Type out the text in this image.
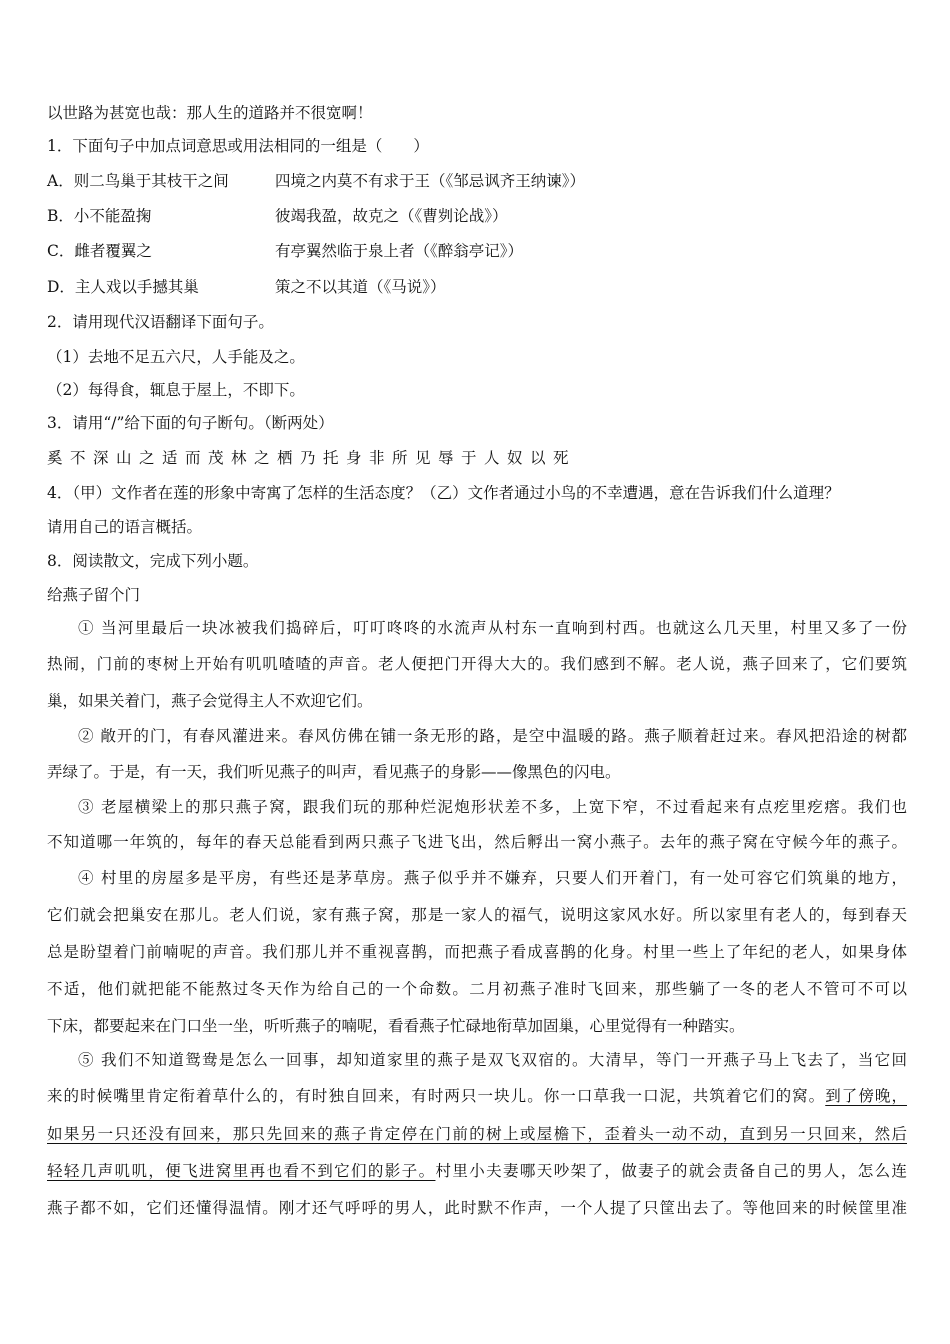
以世路为甚宽也哉：那人生的道路并不很宽啊！
1．下面句子中加点词意思或用法相同的一组是（　　）
A．则二鸟巢于其枝干之间	四境之内莫不有求于王（《邹忌讽齐王纳谏》）
B．小不能盈掬	彼竭我盈，故克之（《曹刿论战》）
C．雌者覆翼之	有亭翼然临于泉上者（《醉翁亭记》）
D．主人戏以手撼其巢	策之不以其道（《马说》）
2．请用现代汉语翻译下面句子。
（1）去地不足五六尺，人手能及之。
（2）每得食，辄息于屋上，不即下。
3．请用“/”给下面的句子断句。（断两处）
奚不深山之适而茂林之栖乃托身非所见辱于人奴以死
4．（甲）文作者在莲的形象中寄寓了怎样的生活态度？（乙）文作者通过小鸟的不幸遭遇，意在告诉我们什么道理？
请用自己的语言概括。
8．阅读散文，完成下列小题。
给燕子留个门
① 当河里最后一块冰被我们捣碎后，叮叮咚咚的水流声从村东一直响到村西。也就这么几天里，村里又多了一份
热闹，门前的枣树上开始有叽叽喳喳的声音。老人便把门开得大大的。我们感到不解。老人说，燕子回来了，它们要筑
巢，如果关着门，燕子会觉得主人不欢迎它们。
② 敞开的门，有春风灌进来。春风仿佛在铺一条无形的路，是空中温暖的路。燕子顺着赶过来。春风把沿途的树都
弄绿了。于是，有一天，我们听见燕子的叫声，看见燕子的身影——像黑色的闪电。
③ 老屋横梁上的那只燕子窝，跟我们玩的那种烂泥炮形状差不多，上宽下窄，不过看起来有点疙里疙瘩。我们也
不知道哪一年筑的，每年的春天总能看到两只燕子飞进飞出，然后孵出一窝小燕子。去年的燕子窝在守候今年的燕子。
④ 村里的房屋多是平房，有些还是茅草房。燕子似乎并不嫌弃，只要人们开着门，有一处可容它们筑巢的地方，
它们就会把巢安在那儿。老人们说，家有燕子窝，那是一家人的福气，说明这家风水好。所以家里有老人的，每到春天
总是盼望着门前喃呢的声音。我们那儿并不重视喜鹊，而把燕子看成喜鹊的化身。村里一些上了年纪的老人，如果身体
不适，他们就把能不能熬过冬天作为给自己的一个命数。二月初燕子准时飞回来，那些躺了一冬的老人不管可不可以
下床，都要起来在门口坐一坐，听听燕子的喃呢，看看燕子忙碌地衔草加固巢，心里觉得有一种踏实。
⑤ 我们不知道鸳鸯是怎么一回事，却知道家里的燕子是双飞双宿的。大清早，等门一开燕子马上飞去了，当它回
来的时候嘴里肯定衔着草什么的，有时独自回来，有时两只一块儿。你一口草我一口泥，共筑着它们的窝。到了傍晚，
如果另一只还没有回来，那只先回来的燕子肯定停在门前的树上或屋檐下，歪着头一动不动，直到另一只回来，然后
轻轻几声叽叽，便飞进窝里再也看不到它们的影子。村里小夫妻哪天吵架了，做妻子的就会责备自己的男人，怎么连
燕子都不如，它们还懂得温情。刚才还气呼呼的男人，此时默不作声，一个人提了只筐出去了。等他回来的时候筐里准
